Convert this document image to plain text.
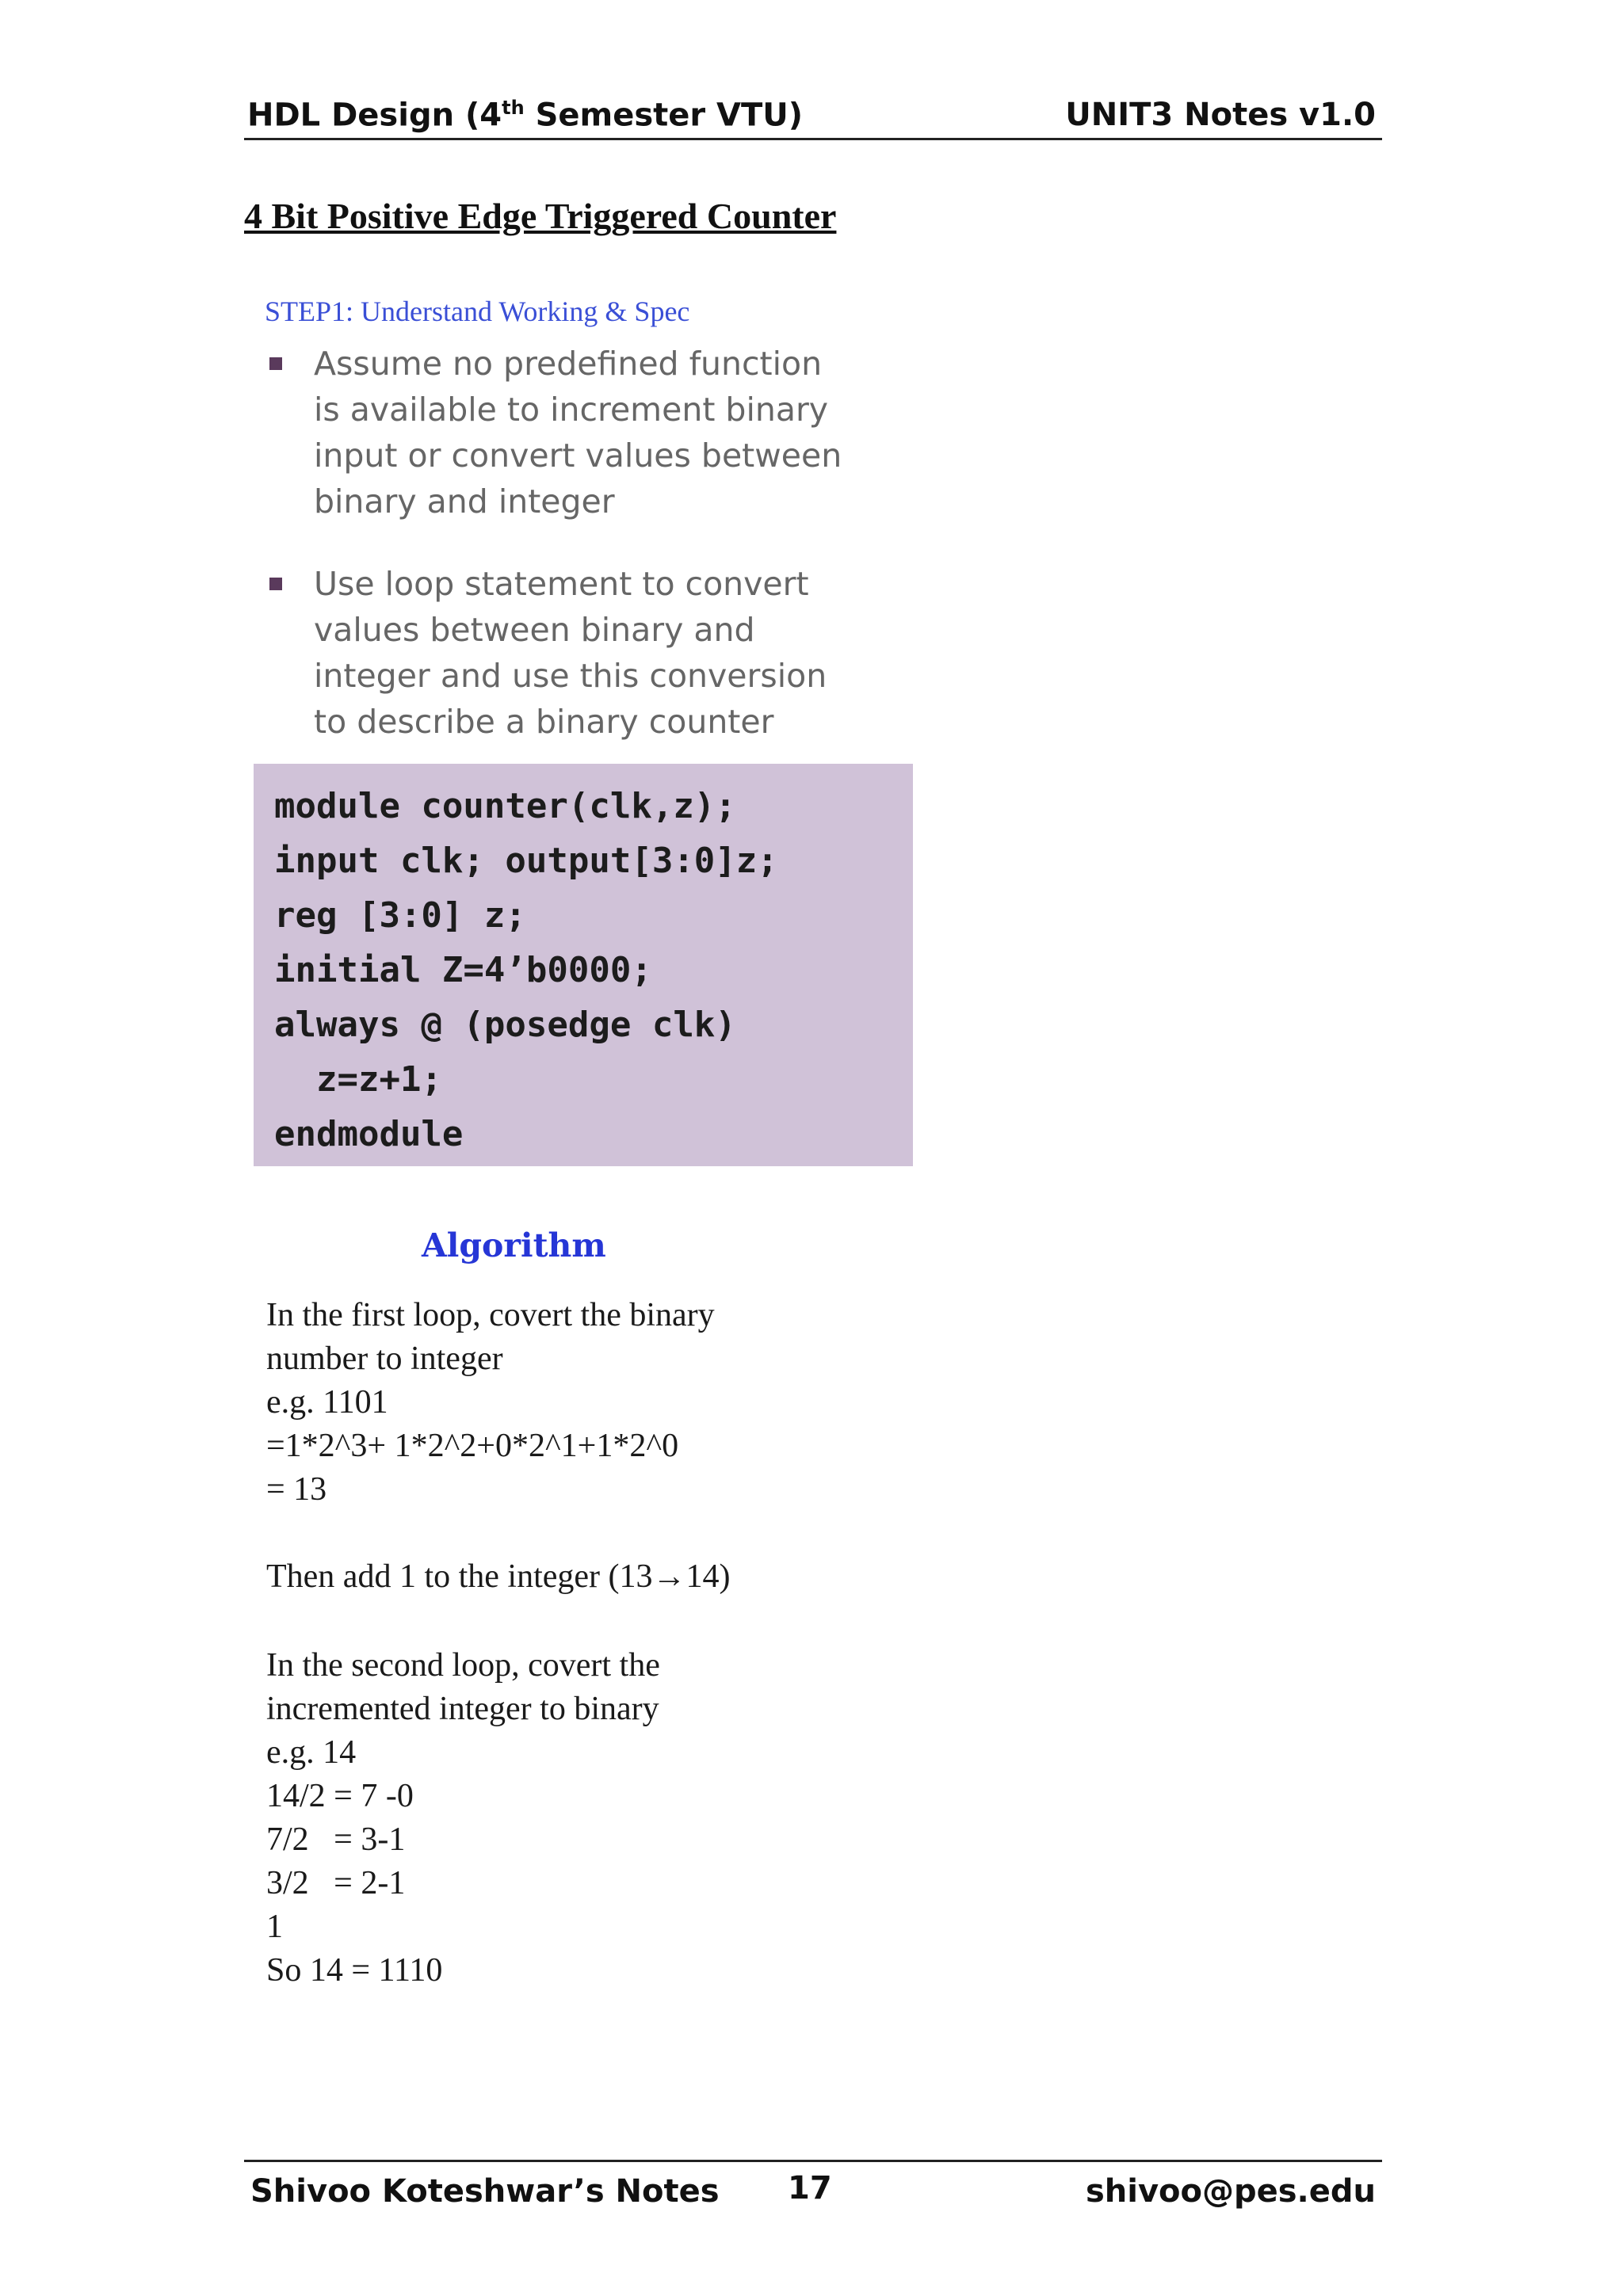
HDL Design (4th Semester VTU)	UNIT3 Notes v1.0
4 Bit Positive Edge Triggered Counter
STEP1: Understand Working & Spec
Assume no predefined function
is available to increment binary
input or convert values between
binary and integer
Use loop statement to convert
values between binary and
integer and use this conversion
to describe a binary counter
module counter(clk,z);
input clk; output[3:0]z;
reg [3:0] z;
initial Z=4’b0000;
always @ (posedge clk)
z=z+1;
endmodule
Algorithm
In the first loop, covert the binary
number to integer
e.g. 1101
=1*2^3+ 1*2^2+0*2^1+1*2^0
= 13
Then add 1 to the integer (13→14)
In the second loop, covert the
incremented integer to binary
e.g. 14
14/2 = 7 -0
7/2   = 3-1
3/2   = 2-1
1
So 14 = 1110
Shivoo Koteshwar’s Notes 17	shivoo@pes.edu
